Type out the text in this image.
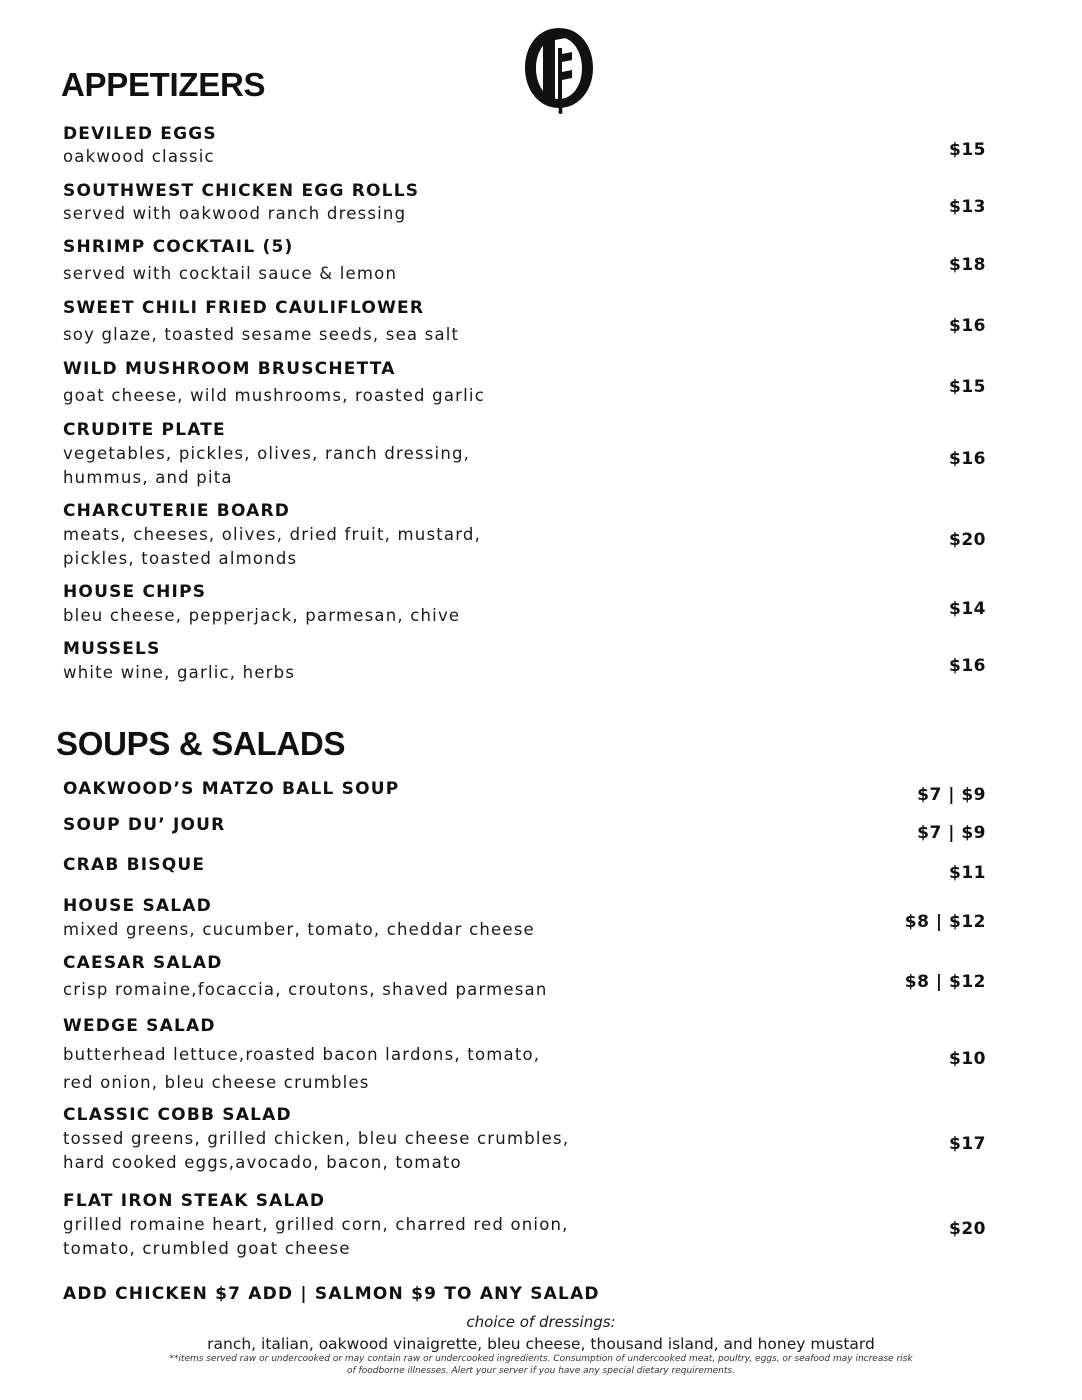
APPETIZERS
DEVILED EGGS
oakwood classic	$15
SOUTHWEST CHICKEN EGG ROLLS
served with oakwood ranch dressing	$13
SHRIMP COCKTAIL (5)
served with cocktail sauce & lemon	$18
SWEET CHILI FRIED CAULIFLOWER
soy glaze, toasted sesame seeds, sea salt	$16
WILD MUSHROOM BRUSCHETTA
goat cheese, wild mushrooms, roasted garlic	$15
CRUDITE PLATE
vegetables, pickles, olives, ranch dressing,
hummus, and pita
$16
CHARCUTERIE BOARD
meats, cheeses, olives, dried fruit, mustard,
pickles, toasted almonds
$20
HOUSE CHIPS
bleu cheese, pepperjack, parmesan, chive	$14
MUSSELS
white wine, garlic, herbs	$16
SOUPS & SALADS
OAKWOOD’S MATZO BALL SOUP	$7 | $9
SOUP DU’ JOUR	$7 | $9
CRAB BISQUE	$11
HOUSE SALAD
mixed greens, cucumber, tomato, cheddar cheese	$8 | $12
CAESAR SALAD
crisp romaine,focaccia, croutons, shaved parmesan	$8 | $12
WEDGE SALAD
butterhead lettuce,roasted bacon lardons, tomato,
red onion, bleu cheese crumbles
$10
CLASSIC COBB SALAD
tossed greens, grilled chicken, bleu cheese crumbles,
hard cooked eggs,avocado, bacon, tomato
$17
FLAT IRON STEAK SALAD
grilled romaine heart, grilled corn, charred red onion,
tomato, crumbled goat cheese
$20
ADD CHICKEN $7 ADD | SALMON $9 TO ANY SALAD
choice of dressings:
ranch, italian, oakwood vinaigrette, bleu cheese, thousand island, and honey mustard
**items served raw or undercooked or may contain raw or undercooked ingredients. Consumption of undercooked meat, poultry, eggs, or seafood may increase risk
of foodborne illnesses. Alert your server if you have any special dietary requirements.
